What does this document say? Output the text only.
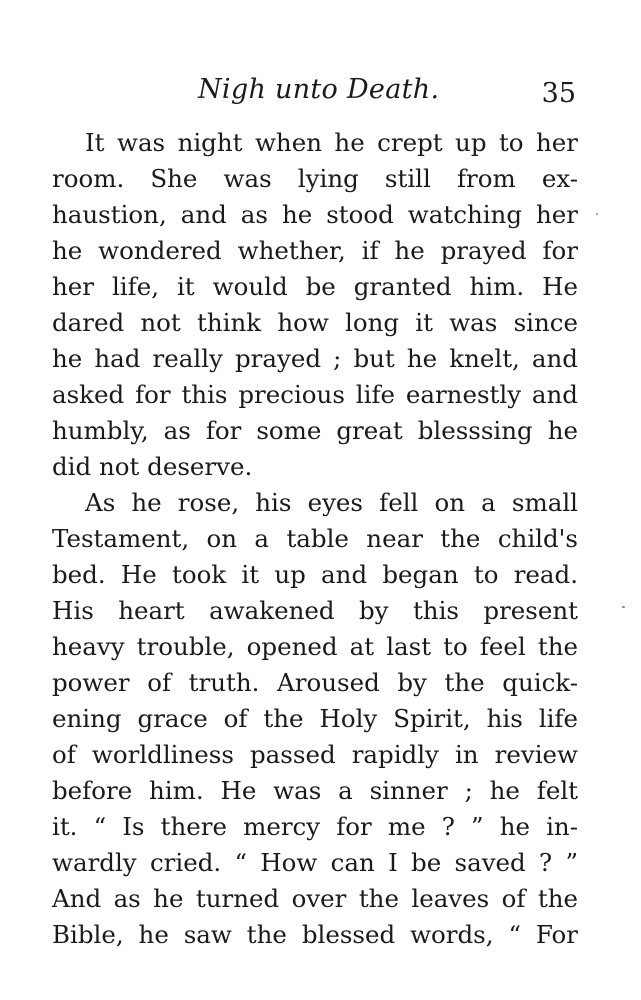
Nigh unto Death.	35
It was night when he crept up to her
room. She was lying still from ex-
haustion, and as he stood watching her
he wondered whether, if he prayed for
her life, it would be granted him. He
dared not think how long it was since
he had really prayed ; but he knelt, and
asked for this precious life earnestly and
humbly, as for some great blesssing he
did not deserve.
As he rose, his eyes fell on a small
Testament, on a table near the child's
bed. He took it up and began to read.
His heart awakened by this present
heavy trouble, opened at last to feel the
power of truth. Aroused by the quick-
ening grace of the Holy Spirit, his life
of worldliness passed rapidly in review
before him. He was a sinner ; he felt
it. “ Is there mercy for me ? ” he in-
wardly cried. “ How can I be saved ? ”
And as he turned over the leaves of the
Bible, he saw the blessed words, “ For
